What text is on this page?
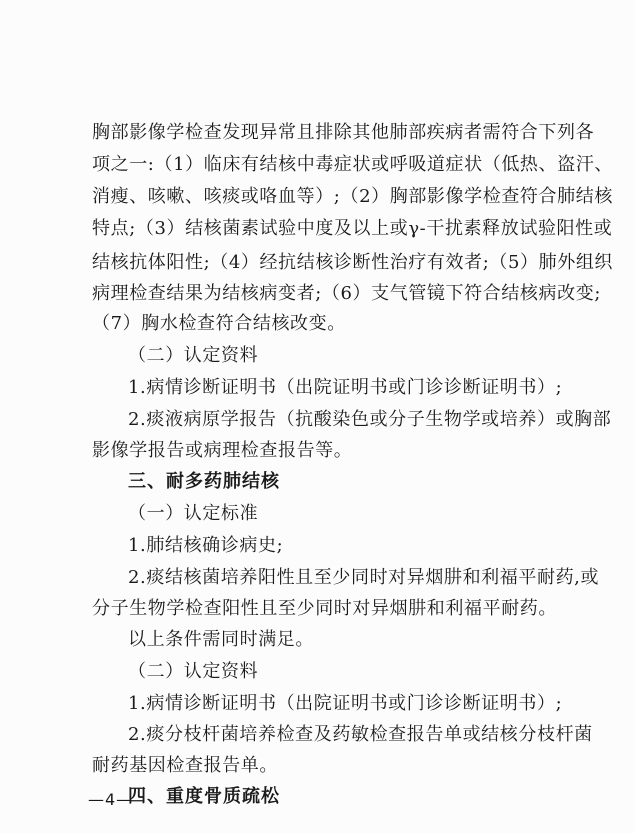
胸部影像学检查发现异常且排除其他肺部疾病者需符合下列各
项之一:（1）临床有结核中毒症状或呼吸道症状（低热、盗汗、
消瘦、咳嗽、咳痰或咯血等）;（2）胸部影像学检查符合肺结核
特点;（3）结核菌素试验中度及以上或γ-干扰素释放试验阳性或
结核抗体阳性;（4）经抗结核诊断性治疗有效者;（5）肺外组织
病理检查结果为结核病变者;（6）支气管镜下符合结核病改变;
（7）胸水检查符合结核改变。
（二）认定资料
1.病情诊断证明书（出院证明书或门诊诊断证明书）;
2.痰液病原学报告（抗酸染色或分子生物学或培养）或胸部
影像学报告或病理检查报告等。
三、耐多药肺结核
（一）认定标准
1.肺结核确诊病史;
2.痰结核菌培养阳性且至少同时对异烟肼和利福平耐药,或
分子生物学检查阳性且至少同时对异烟肼和利福平耐药。
以上条件需同时满足。
（二）认定资料
1.病情诊断证明书（出院证明书或门诊诊断证明书）;
2.痰分枝杆菌培养检查及药敏检查报告单或结核分枝杆菌
耐药基因检查报告单。
四、重度骨质疏松
—4—
